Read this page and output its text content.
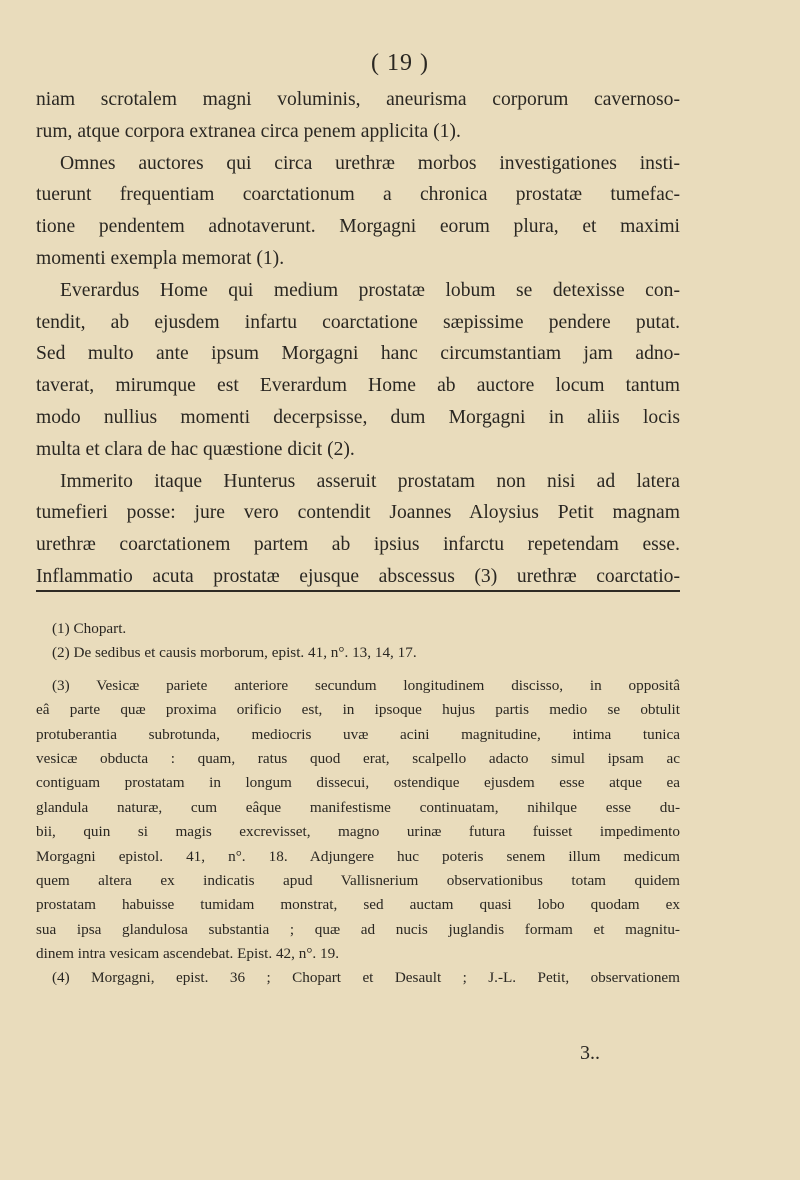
( 19 )
niam scrotalem magni voluminis, aneurisma corporum cavernoso-
rum, atque corpora extranea circa penem applicita (1).
Omnes auctores qui circa urethræ morbos investigationes insti-
tuerunt frequentiam coarctationum a chronica prostatæ tumefac-
tione pendentem adnotaverunt. Morgagni eorum plura, et maximi
momenti exempla memorat (1).
Everardus Home qui medium prostatæ lobum se detexisse con-
tendit, ab ejusdem infartu coarctatione sæpissime pendere putat.
Sed multo ante ipsum Morgagni hanc circumstantiam jam adno-
taverat, mirumque est Everardum Home ab auctore locum tantum
modo nullius momenti decerpsisse, dum Morgagni in aliis locis
multa et clara de hac quæstione dicit (2).
Immerito itaque Hunterus asseruit prostatam non nisi ad latera
tumefieri posse: jure vero contendit Joannes Aloysius Petit magnam
urethræ coarctationem partem ab ipsius infarctu repetendam esse.
Inflammatio acuta prostatæ ejusque abscessus (3) urethræ coarctatio-
(1) Chopart.
(2) De sedibus et causis morborum, epist. 41, n°. 13, 14, 17.
(3) Vesicæ pariete anteriore secundum longitudinem discisso, in oppositâ
eâ parte quæ proxima orificio est, in ipsoque hujus partis medio se obtulit
protuberantia subrotunda, mediocris uvæ acini magnitudine, intima tunica
vesicæ obducta : quam, ratus quod erat, scalpello adacto simul ipsam ac
contiguam prostatam in longum dissecui, ostendique ejusdem esse atque ea
glandula naturæ, cum eâque manifestisme continuatam, nihilque esse du-
bii, quin si magis excrevisset, magno urinæ futura fuisset impedimento
Morgagni epistol. 41, n°. 18. Adjungere huc poteris senem illum medicum
quem altera ex indicatis apud Vallisnerium observationibus totam quidem
prostatam habuisse tumidam monstrat, sed auctam quasi lobo quodam ex
sua ipsa glandulosa substantia ; quæ ad nucis juglandis formam et magnitu-
dinem intra vesicam ascendebat. Epist. 42, n°. 19.
(4) Morgagni, epist. 36 ; Chopart et Desault ; J.-L. Petit, observationem
3..
